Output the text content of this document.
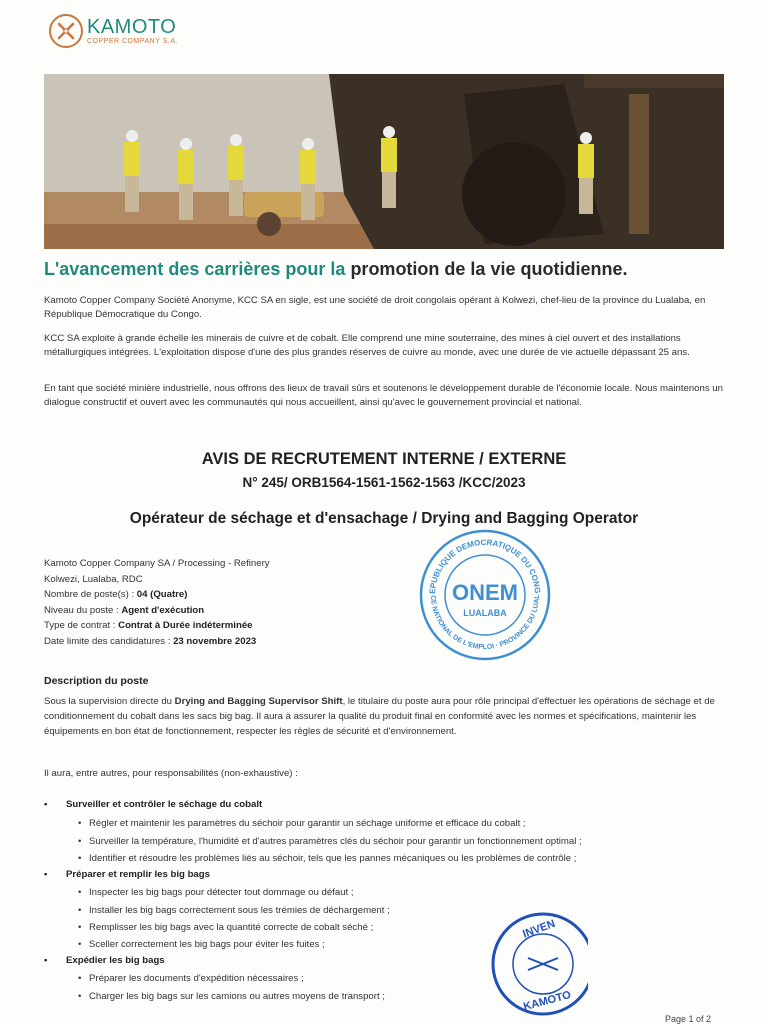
KAMOTO
COPPER COMPANY S.A.
L'avancement des carrières pour la promotion de la vie quotidienne.
Kamoto Copper Company Société Anonyme, KCC SA en sigle, est une société de droit congolais opérant à Kolwezi, chef-lieu de la province du Lualaba, en République Démocratique du Congo.
KCC SA exploite à grande échelle les minerais de cuivre et de cobalt. Elle comprend une mine souterraine, des mines à ciel ouvert et des installations métallurgiques intégrées. L'exploitation dispose d'une des plus grandes réserves de cuivre au monde, avec une durée de vie actuelle dépassant 25 ans.
En tant que société minière industrielle, nous offrons des lieux de travail sûrs et soutenons le développement durable de l'économie locale. Nous maintenons un dialogue constructif et ouvert avec les communautés qui nous accueillent, ainsi qu'avec le gouvernement provincial et national.
AVIS DE RECRUTEMENT INTERNE / EXTERNE
N° 245/ ORB1564-1561-1562-1563 /KCC/2023
Opérateur de séchage et d'ensachage / Drying and Bagging Operator
Kamoto Copper Company SA / Processing - Refinery
Kolwezi, Lualaba, RDC
Nombre de poste(s) : 04 (Quatre)
Niveau du poste : Agent d'exécution
Type de contrat : Contrat à Durée indéterminée
Date limite des candidatures : 23 novembre 2023
EPUBLIQUE DEMOCRATIQUE DU CONG
CE NATIONAL DE L'EMPLOI · PROVINCE DU LUAL
ONEM
LUALABA
Description du poste
Sous la supervision directe du Drying and Bagging Supervisor Shift, le titulaire du poste aura pour rôle principal d'effectuer les opérations de séchage et de conditionnement du cobalt dans les sacs big bag. Il aura à assurer la qualité du produit final en conformité avec les normes et spécifications, maintenir les équipements en bon état de fonctionnement, respecter les règles de sécurité et d'environnement.
Il aura, entre autres, pour responsabilités (non-exhaustive) :
• Surveiller et contrôler le séchage du cobalt
• Régler et maintenir les paramètres du séchoir pour garantir un séchage uniforme et efficace du cobalt ;
• Surveiller la température, l'humidité et d'autres paramètres clés du séchoir pour garantir un fonctionnement optimal ;
• Identifier et résoudre les problèmes liés au séchoir, tels que les pannes mécaniques ou les problèmes de contrôle ;
• Préparer et remplir les big bags
• Inspecter les big bags pour détecter tout dommage ou défaut ;
• Installer les big bags correctement sous les trémies de déchargement ;
• Remplisser les big bags avec la quantité correcte de cobalt séché ;
• Sceller correctement les big bags pour éviter les fuites ;
• Expédier les big bags
• Préparer les documents d'expédition nécessaires ;
• Charger les big bags sur les camions ou autres moyens de transport ;
INVEN
KAMOTO
Page 1 of 2
